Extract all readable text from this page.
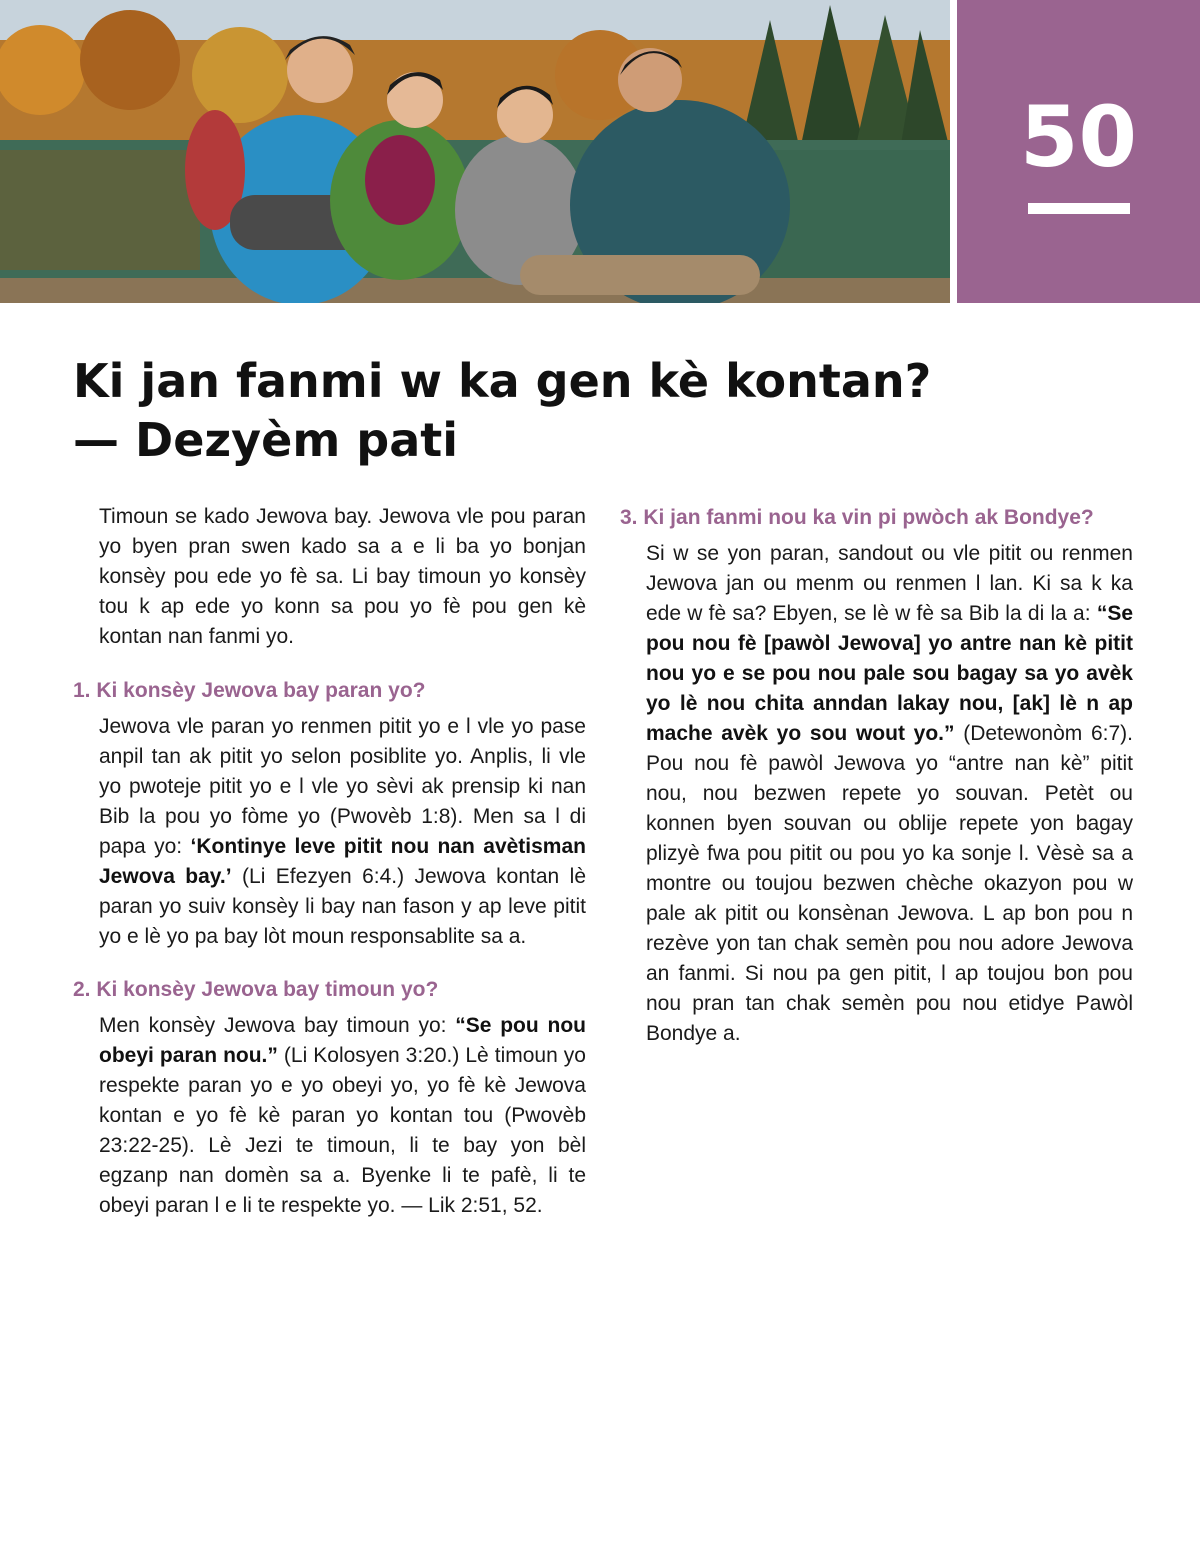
50
Ki jan fanmi w ka gen kè kontan?
— Dezyèm pati

Timoun se kado Jewova bay. Jewova vle pou paran yo byen pran swen kado sa a e li ba yo bonjan konsèy pou ede yo fè sa. Li bay timoun yo konsèy tou k ap ede yo konn sa pou yo fè pou gen kè kontan nan fanmi yo.

1. Ki konsèy Jewova bay paran yo?

Jewova vle paran yo renmen pitit yo e l vle yo pase anpil tan ak pitit yo selon posiblite yo. Anplis, li vle yo pwoteje pitit yo e l vle yo sèvi ak prensip ki nan Bib la pou yo fòme yo (Pwovèb 1:8). Men sa l di papa yo: ‘Kontinye leve pitit nou nan avètisman Jewova bay.’ (Li Efezyen 6:4.) Jewova kontan lè paran yo suiv konsèy li bay nan fason y ap leve pitit yo e lè yo pa bay lòt moun responsablite sa a.

2. Ki konsèy Jewova bay timoun yo?

Men konsèy Jewova bay timoun yo: “Se pou nou obeyi paran nou.” (Li Kolosyen 3:20.) Lè timoun yo respekte paran yo e yo obeyi yo, yo fè kè Jewova kontan e yo fè kè paran yo kontan tou (Pwovèb 23:22-25). Lè Jezi te timoun, li te bay yon bèl egzanp nan domèn sa a. Byenke li te pafè, li te obeyi paran l e li te respekte yo. — Lik 2:51, 52.

3. Ki jan fanmi nou ka vin pi pwòch ak Bondye?

Si w se yon paran, sandout ou vle pitit ou renmen Jewova jan ou menm ou renmen l lan. Ki sa k ka ede w fè sa? Ebyen, se lè w fè sa Bib la di la a: “Se pou nou fè [pawòl Jewova] yo antre nan kè pitit nou yo e se pou nou pale sou bagay sa yo avèk yo lè nou chita anndan lakay nou, [ak] lè n ap mache avèk yo sou wout yo.” (Detewonòm 6:7). Pou nou fè pawòl Jewova yo “antre nan kè” pitit nou, nou bezwen repete yo souvan. Petèt ou konnen byen souvan ou oblije repete yon bagay plizyè fwa pou pitit ou pou yo ka sonje l. Vèsè sa a montre ou toujou bezwen chèche okazyon pou w pale ak pitit ou konsènan Jewova. L ap bon pou n rezève yon tan chak semèn pou nou adore Jewova an fanmi. Si nou pa gen pitit, l ap toujou bon pou nou pran tan chak semèn pou nou etidye Pawòl Bondye a.
